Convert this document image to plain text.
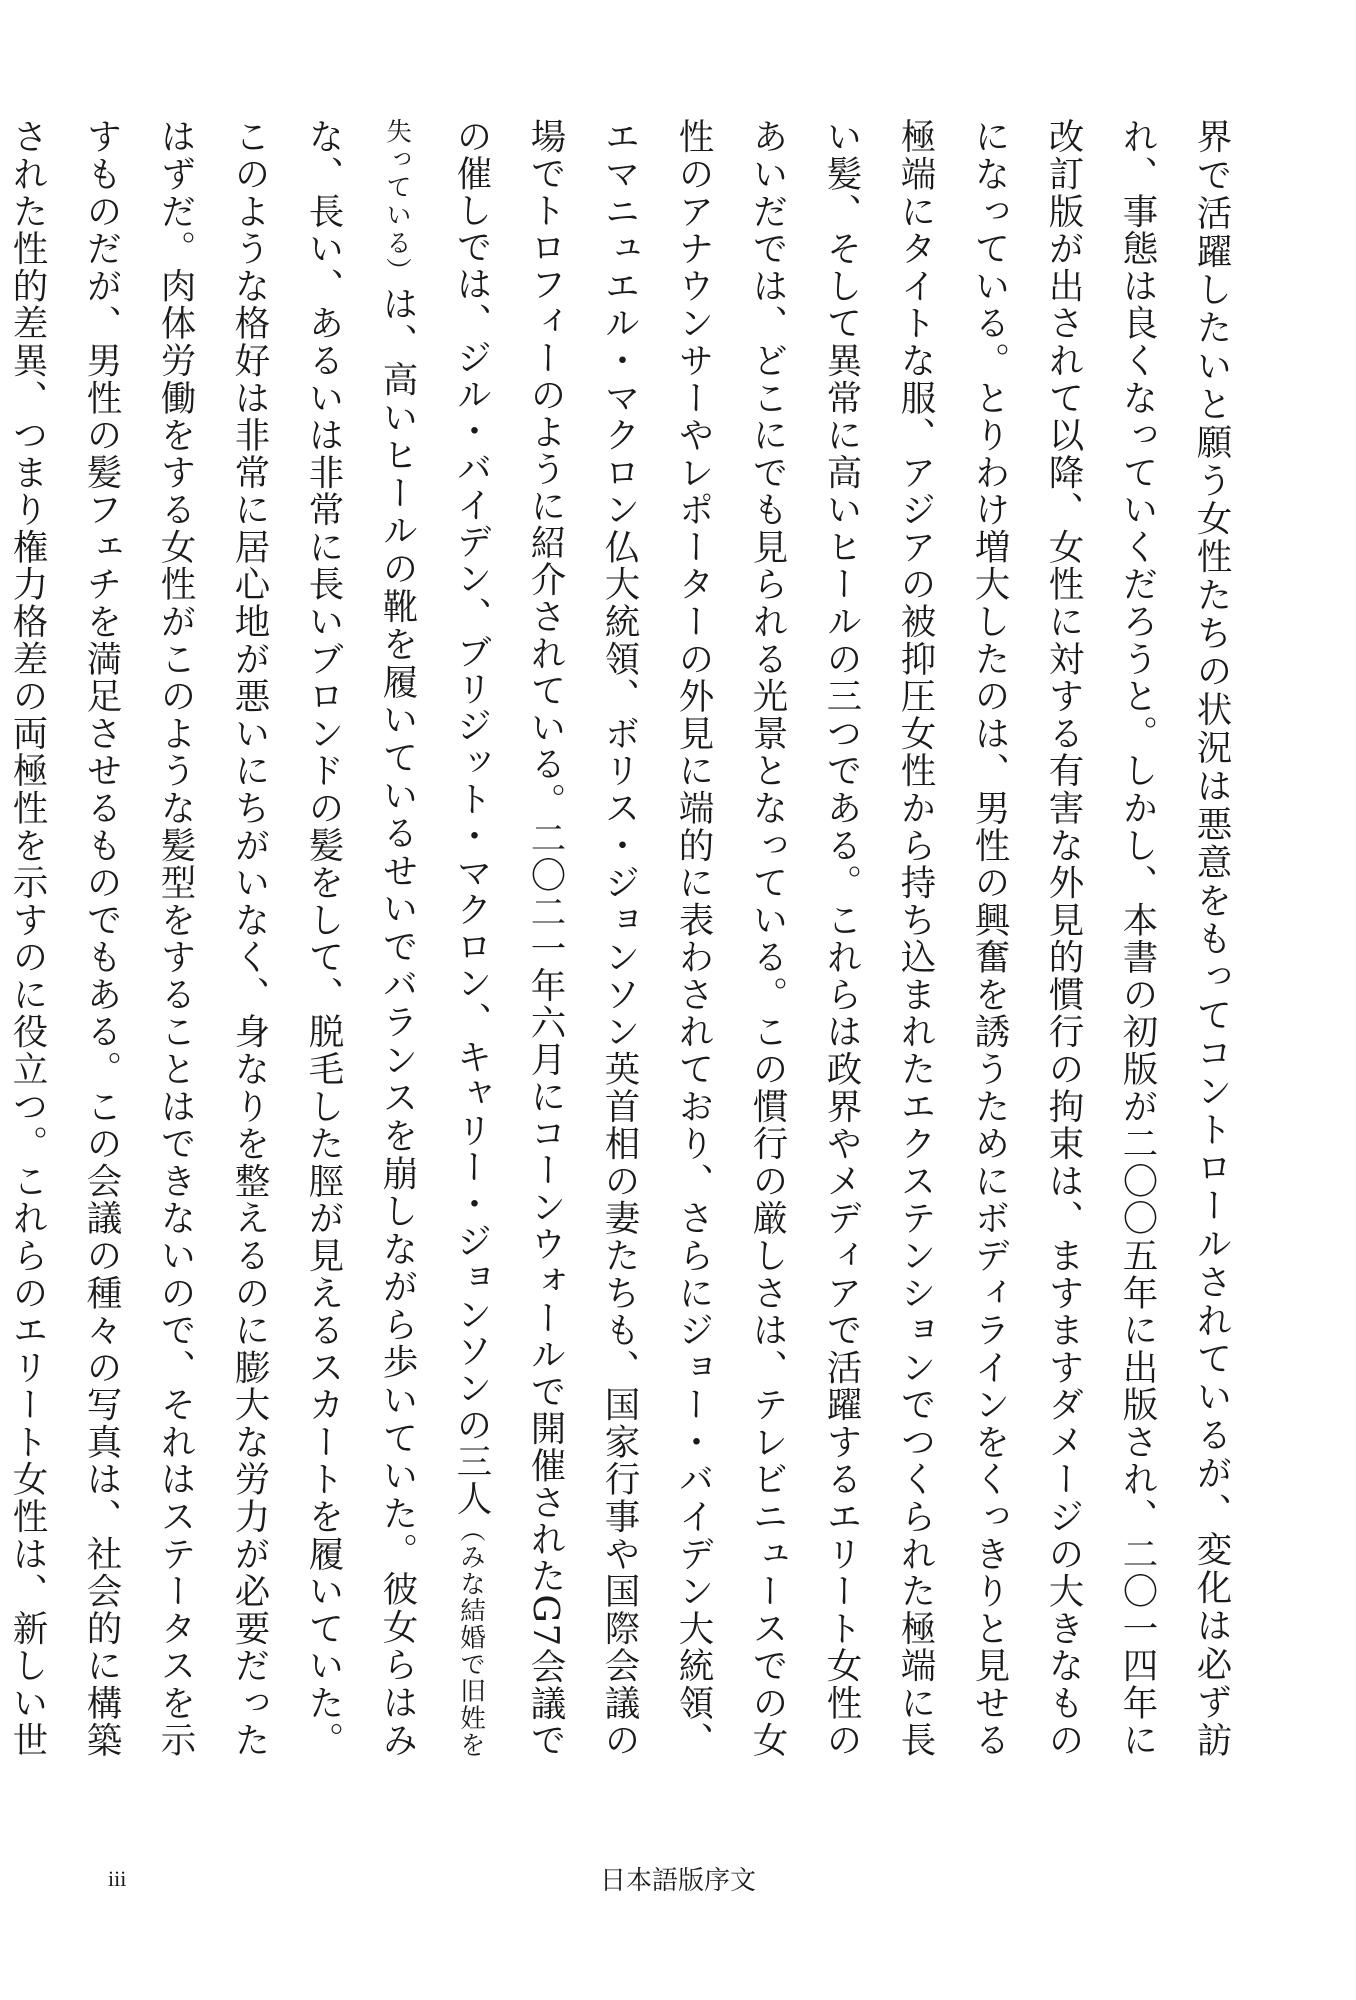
界で活躍したいと願う女性たちの状況は悪意をもってコントロールされているが、変化は必ず訪れ、事態は良くなっていくだろうと。しかし、本書の初版が二〇〇五年に出版され、二〇一四年に改訂版が出されて以降、女性に対する有害な外見的慣行の拘束は、ますますダメージの大きなものになっている。とりわけ増大したのは、男性の興奮を誘うためにボディラインをくっきりと見せる極端にタイトな服、アジアの被抑圧女性から持ち込まれたエクステンションでつくられた極端に長い髪、そして異常に高いヒールの三つである。これらは政界やメディアで活躍するエリート女性のあいだでは、どこにでも見られる光景となっている。この慣行の厳しさは、テレビニュースでの女性のアナウンサーやレポーターの外見に端的に表わされており、さらにジョー・バイデン大統領、エマニュエル・マクロン仏大統領、ボリス・ジョンソン英首相の妻たちも、国家行事や国際会議の場でトロフィーのように紹介されている。二〇二一年六月にコーンウォールで開催されたG7会議での催しでは、ジル・バイデン、ブリジット・マクロン、キャリー・ジョンソンの三人（みな結婚で旧姓を失っている）は、高いヒールの靴を履いているせいでバランスを崩しながら歩いていた。彼女らはみな、長い、あるいは非常に長いブロンドの髪をして、脱毛した脛が見えるスカートを履いていた。このような格好は非常に居心地が悪いにちがいなく、身なりを整えるのに膨大な労力が必要だったはずだ。肉体労働をする女性がこのような髪型をすることはできないので、それはステータスを示すものだが、男性の髪フェチを満足させるものでもある。この会議の種々の写真は、社会的に構築された性的差異、つまり権力格差の両極性を示すのに役立つ。これらのエリート女性は、新しい世

iii	日本語版序文
